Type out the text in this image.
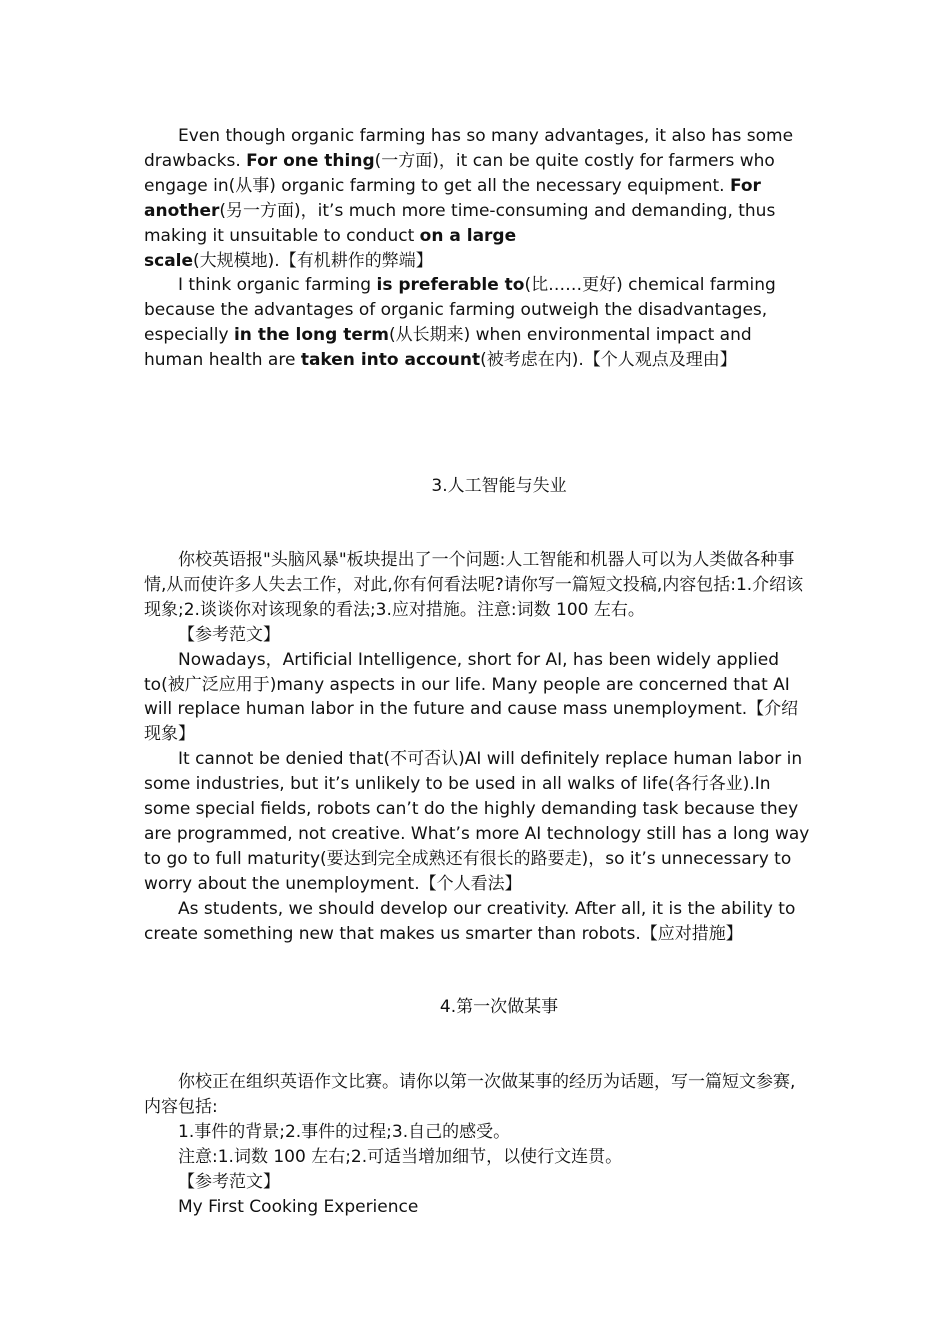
Even though organic farming has so many advantages, it also has some drawbacks. For one thing(一方面)，it can be quite costly for farmers who engage in(从事) organic farming to get all the necessary equipment. For another(另一方面)，it’s much more time-consuming and demanding, thus making it unsuitable to conduct on a large scale(大规模地).【有机耕作的弊端】

I think organic farming is preferable to(比……更好) chemical farming because the advantages of organic farming outweigh the disadvantages, especially in the long term(从长期来) when environmental impact and human health are taken into account(被考虑在内).【个人观点及理由】

3.人工智能与失业

你校英语报"头脑风暴"板块提出了一个问题:人工智能和机器人可以为人类做各种事情,从而使许多人失去工作，对此,你有何看法呢?请你写一篇短文投稿,内容包括:1.介绍该现象;2.谈谈你对该现象的看法;3.应对措施。注意:词数 100 左右。

【参考范文】

Nowadays，Artificial Intelligence, short for AI, has been widely applied to(被广泛应用于)many aspects in our life. Many people are concerned that AI will replace human labor in the future and cause mass unemployment.【介绍现象】

It cannot be denied that(不可否认)AI will definitely replace human labor in some industries, but it’s unlikely to be used in all walks of life(各行各业).In some special fields, robots can’t do the highly demanding task because they are programmed, not creative. What’s more AI technology still has a long way to go to full maturity(要达到完全成熟还有很长的路要走)，so it’s unnecessary to worry about the unemployment.【个人看法】

As students, we should develop our creativity. After all, it is the ability to create something new that makes us smarter than robots.【应对措施】

4.第一次做某事

你校正在组织英语作文比赛。请你以第一次做某事的经历为话题，写一篇短文参赛,内容包括:

1.事件的背景;2.事件的过程;3.自己的感受。

注意:1.词数 100 左右;2.可适当增加细节，以使行文连贯。

【参考范文】

My First Cooking Experience
